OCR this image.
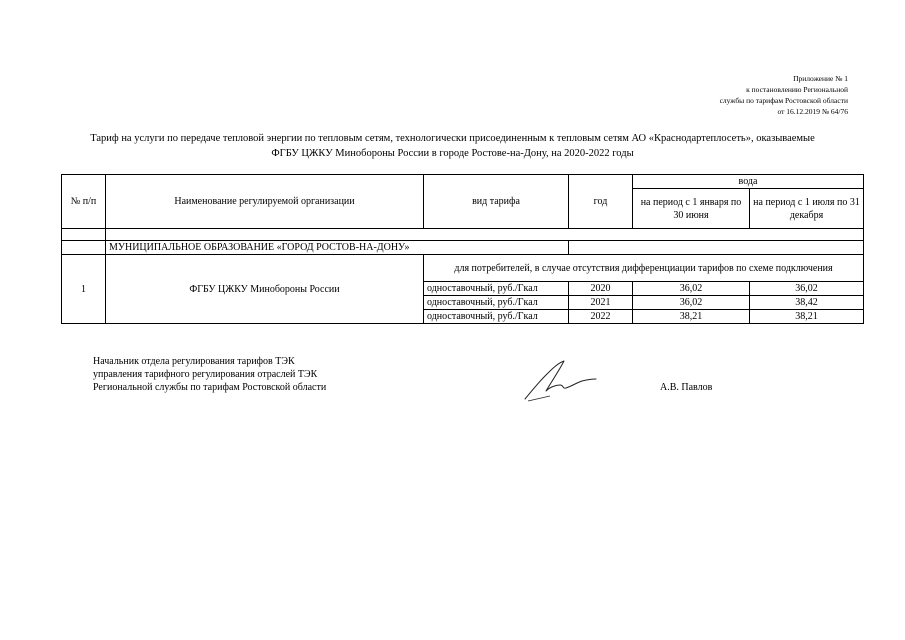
Приложение № 1
к постановлению Региональной
службы по тарифам Ростовской области
от 16.12.2019 № 64/76
Тариф на услуги по передаче тепловой энергии по тепловым сетям, технологически присоединенным к тепловым сетям АО «Краснодартеплосеть», оказываемые
ФГБУ ЦЖКУ Минобороны России в городе Ростове-на-Дону, на 2020-2022 годы
№ п/п	Наименование регулируемой организации	вид тарифа	год	вода	
				на период с 1 января по 30 июня	на период с 1 июля по 31 декабря

	МУНИЦИПАЛЬНОЕ ОБРАЗОВАНИЕ «ГОРОД РОСТОВ-НА-ДОНУ»				
1	ФГБУ ЦЖКУ Минобороны России	для потребителей, в случае отсутствия дифференциации тарифов по схеме подключения			
		одноставочный, руб./Гкал	2020	36,02	36,02
		одноставочный, руб./Гкал	2021	36,02	38,42
		одноставочный, руб./Гкал	2022	38,21	38,21
Начальник отдела регулирования тарифов ТЭК
управления тарифного регулирования отраслей ТЭК
Региональной службы по тарифам Ростовской области	А.В. Павлов
